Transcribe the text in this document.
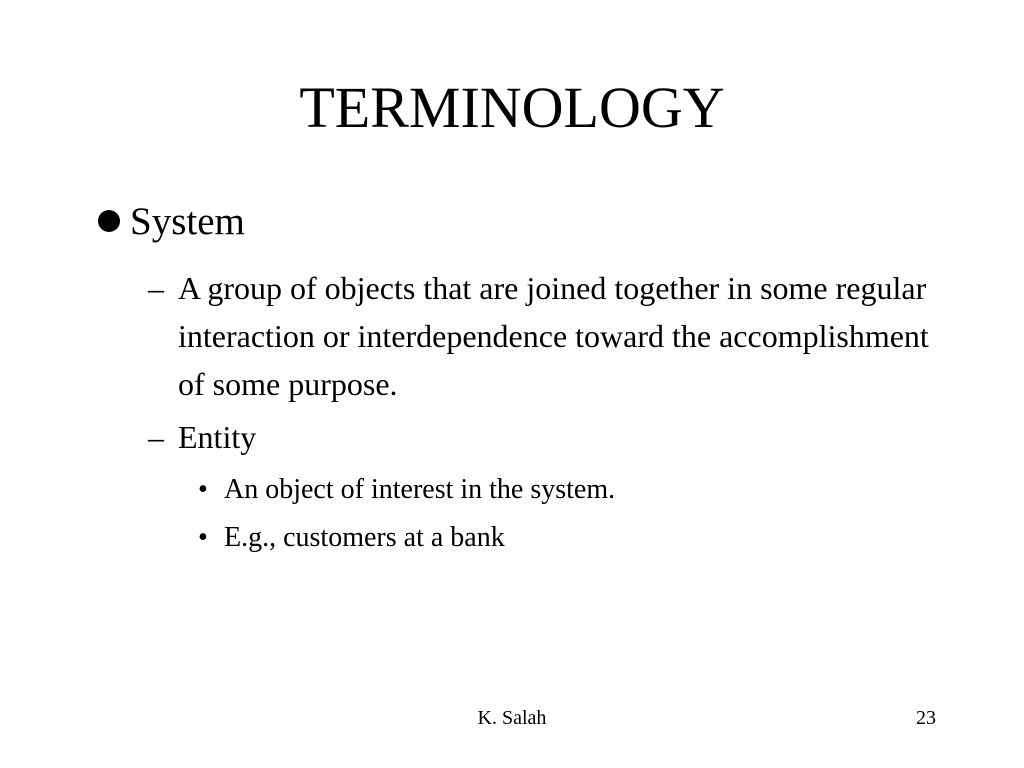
TERMINOLOGY
System
– A group of objects that are joined together in some regular interaction or interdependence toward the accomplishment of some purpose.
– Entity
• An object of interest in the system.
• E.g., customers at a bank
K. Salah	23
